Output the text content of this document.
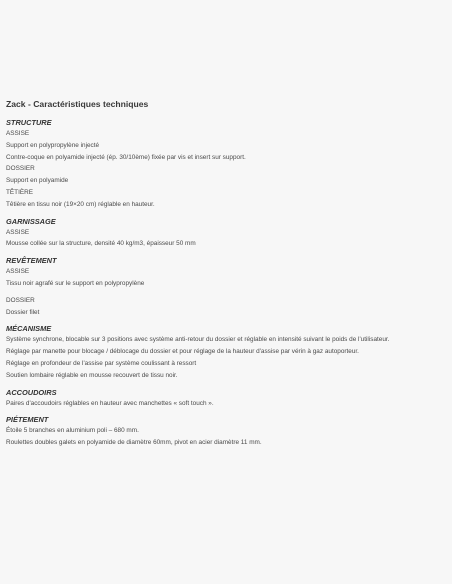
Zack - Caractéristiques techniques
STRUCTURE
ASSISE
Support en polypropylène injecté
Contre-coque en polyamide injecté (ép. 30/10ème) fixée par vis et insert sur support.
DOSSIER
Support en polyamide
TÊTIÈRE
Têtière en tissu noir (19×20 cm) réglable en hauteur.
GARNISSAGE
ASSISE
Mousse collée sur la structure, densité 40 kg/m3, épaisseur 50 mm
REVÊTEMENT
ASSISE
Tissu noir agrafé sur le support en polypropylène
DOSSIER
Dossier filet
MÉCANISME
Système synchrone, blocable sur 3 positions avec système anti-retour du dossier et réglable en intensité suivant le poids de l'utilisateur.
Réglage par manette pour blocage / déblocage du dossier et pour réglage de la hauteur d'assise par vérin à gaz autoporteur.
Réglage en profondeur de l'assise par système coulissant à ressort
Soutien lombaire réglable en mousse recouvert de tissu noir.
ACCOUDOIRS
Paires d'accoudoirs réglables en hauteur avec manchettes « soft touch ».
PIÉTEMENT
Étoile 5 branches en aluminium poli – 680 mm.
Roulettes doubles galets en polyamide de diamètre 60mm, pivot en acier diamètre 11 mm.
